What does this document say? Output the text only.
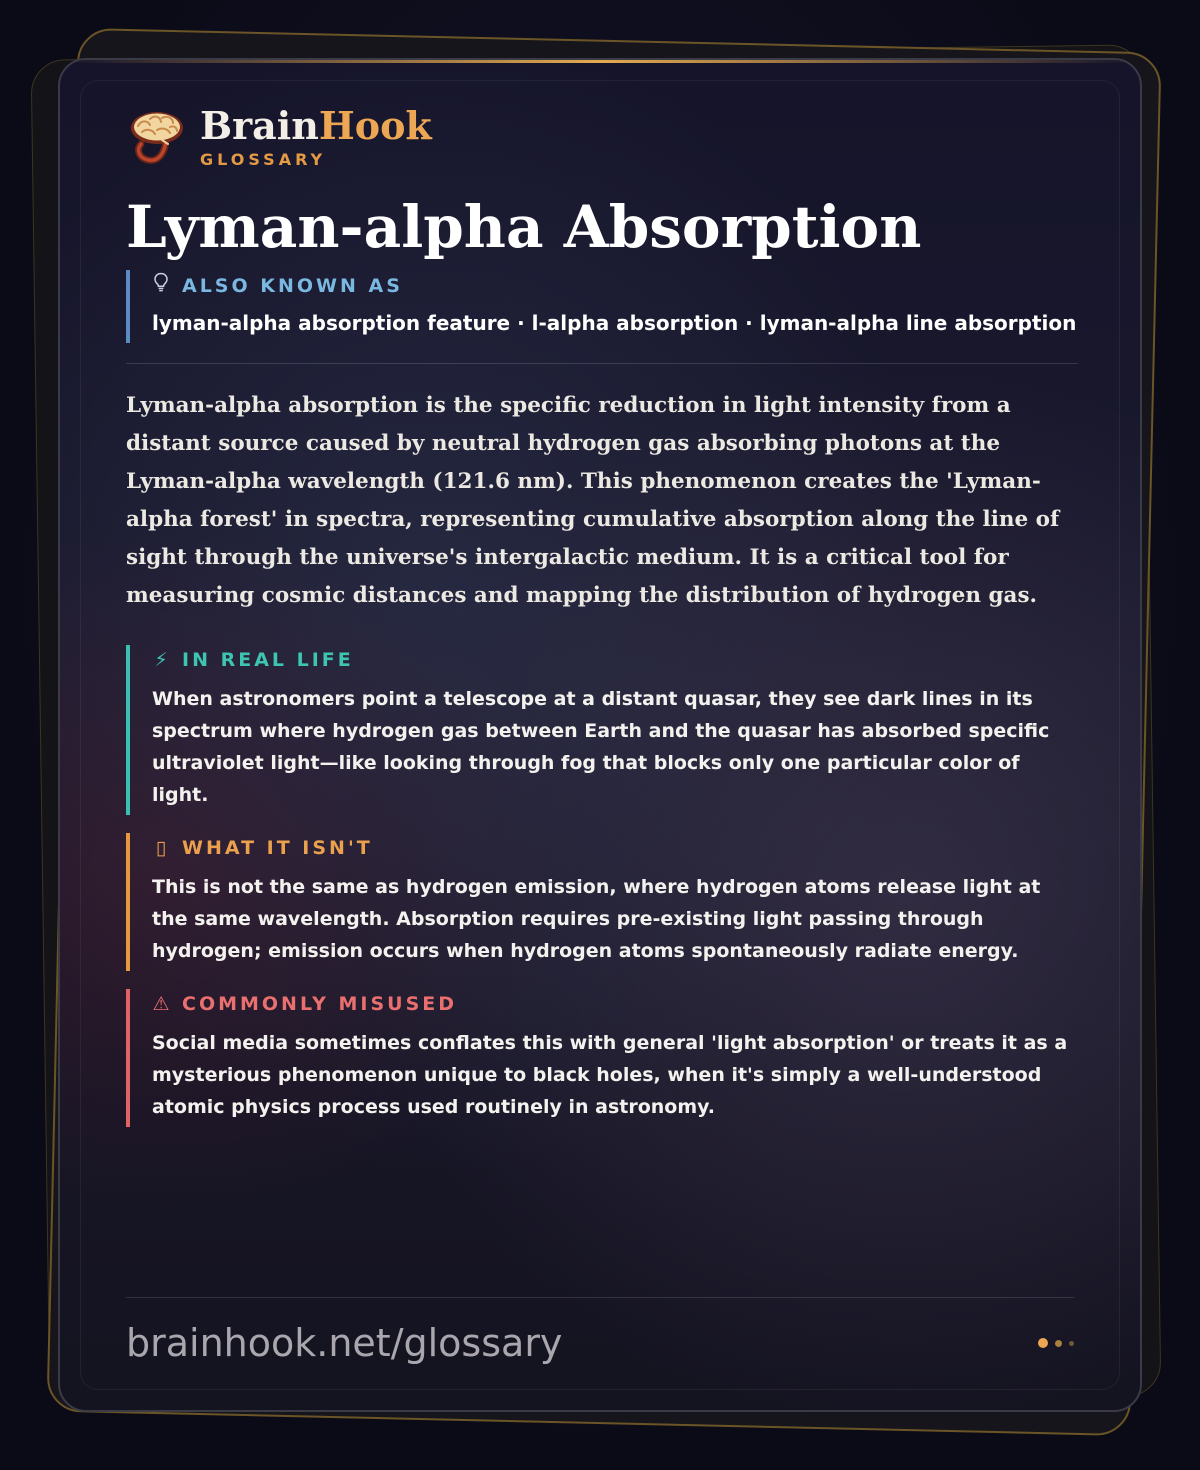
BrainHook
GLOSSARY
Lyman-alpha Absorption
ALSO KNOWN AS
lyman-alpha absorption feature · l-alpha absorption · lyman-alpha line absorption
Lyman-alpha absorption is the specific reduction in light intensity from a distant source caused by neutral hydrogen gas absorbing photons at the Lyman-alpha wavelength (121.6 nm). This phenomenon creates the 'Lyman-alpha forest' in spectra, representing cumulative absorption along the line of sight through the universe's intergalactic medium. It is a critical tool for measuring cosmic distances and mapping the distribution of hydrogen gas.
⚡ IN REAL LIFE
When astronomers point a telescope at a distant quasar, they see dark lines in its spectrum where hydrogen gas between Earth and the quasar has absorbed specific ultraviolet light—like looking through fog that blocks only one particular color of light.
▯ WHAT IT ISN'T
This is not the same as hydrogen emission, where hydrogen atoms release light at the same wavelength. Absorption requires pre-existing light passing through hydrogen; emission occurs when hydrogen atoms spontaneously radiate energy.
⚠ COMMONLY MISUSED
Social media sometimes conflates this with general 'light absorption' or treats it as a mysterious phenomenon unique to black holes, when it's simply a well-understood atomic physics process used routinely in astronomy.
brainhook.net/glossary
